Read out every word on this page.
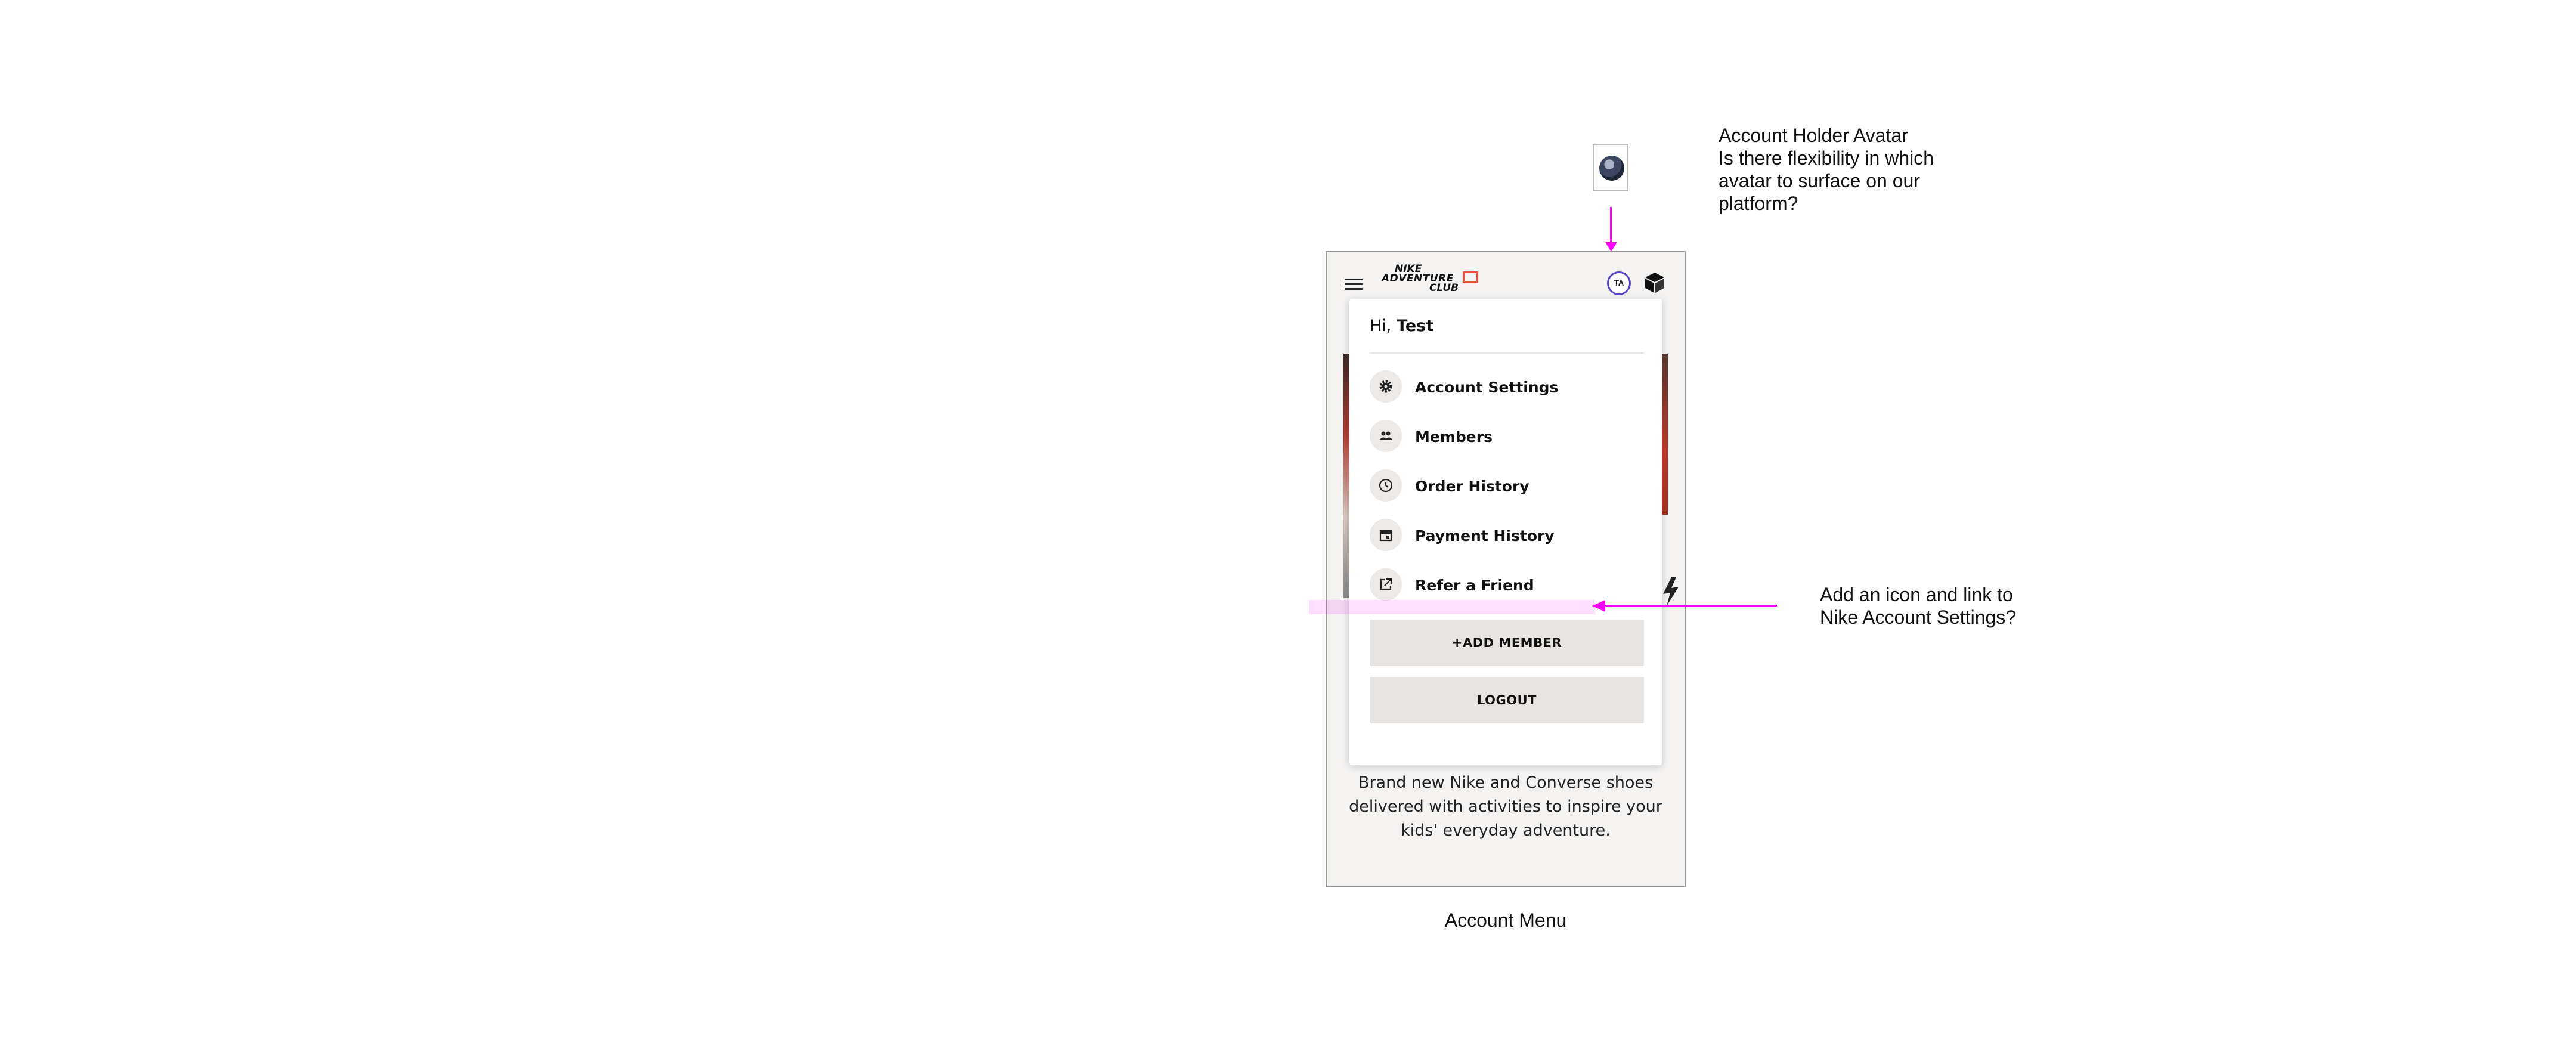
Account Holder Avatar
Is there flexibility in which
avatar to surface on our
platform?
NIKE
ADVENTURE
CLUB	TA
Hi, Test
Account Settings
Members
Order History
Payment History
Refer a Friend
+ADD MEMBER
LOGOUT
Brand new Nike and Converse shoes delivered with activities to inspire your kids' everyday adventure.
Add an icon and link to
Nike Account Settings?
Account Menu
